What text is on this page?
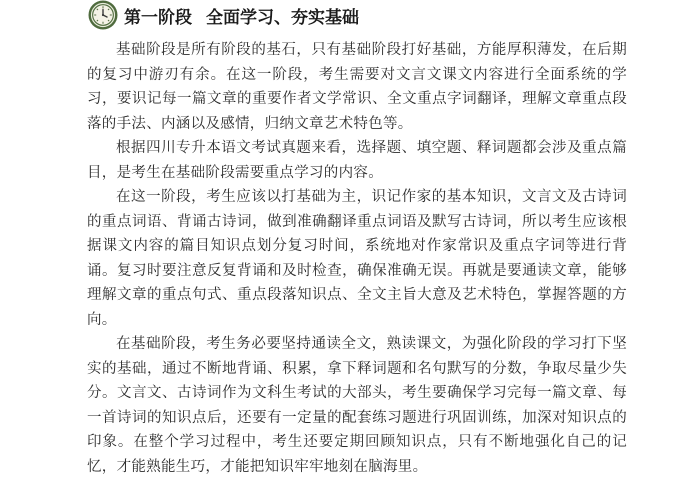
第一阶段 全面学习、夯实基础

基础阶段是所有阶段的基石，只有基础阶段打好基础，方能厚积薄发，在后期的复习中游刃有余。在这一阶段，考生需要对文言文课文内容进行全面系统的学习，要识记每一篇文章的重要作者文学常识、全文重点字词翻译，理解文章重点段落的手法、内涵以及感情，归纳文章艺术特色等。

根据四川专升本语文考试真题来看，选择题、填空题、释词题都会涉及重点篇目，是考生在基础阶段需要重点学习的内容。

在这一阶段，考生应该以打基础为主，识记作家的基本知识，文言文及古诗词的重点词语、背诵古诗词，做到准确翻译重点词语及默写古诗词，所以考生应该根据课文内容的篇目知识点划分复习时间，系统地对作家常识及重点字词等进行背诵。复习时要注意反复背诵和及时检查，确保准确无误。再就是要通读文章，能够理解文章的重点句式、重点段落知识点、全文主旨大意及艺术特色，掌握答题的方向。

在基础阶段，考生务必要坚持通读全文，熟读课文，为强化阶段的学习打下坚实的基础，通过不断地背诵、积累，拿下释词题和名句默写的分数，争取尽量少失分。文言文、古诗词作为文科生考试的大部头，考生要确保学习完每一篇文章、每一首诗词的知识点后，还要有一定量的配套练习题进行巩固训练，加深对知识点的印象。在整个学习过程中，考生还要定期回顾知识点，只有不断地强化自己的记忆，才能熟能生巧，才能把知识牢牢地刻在脑海里。
